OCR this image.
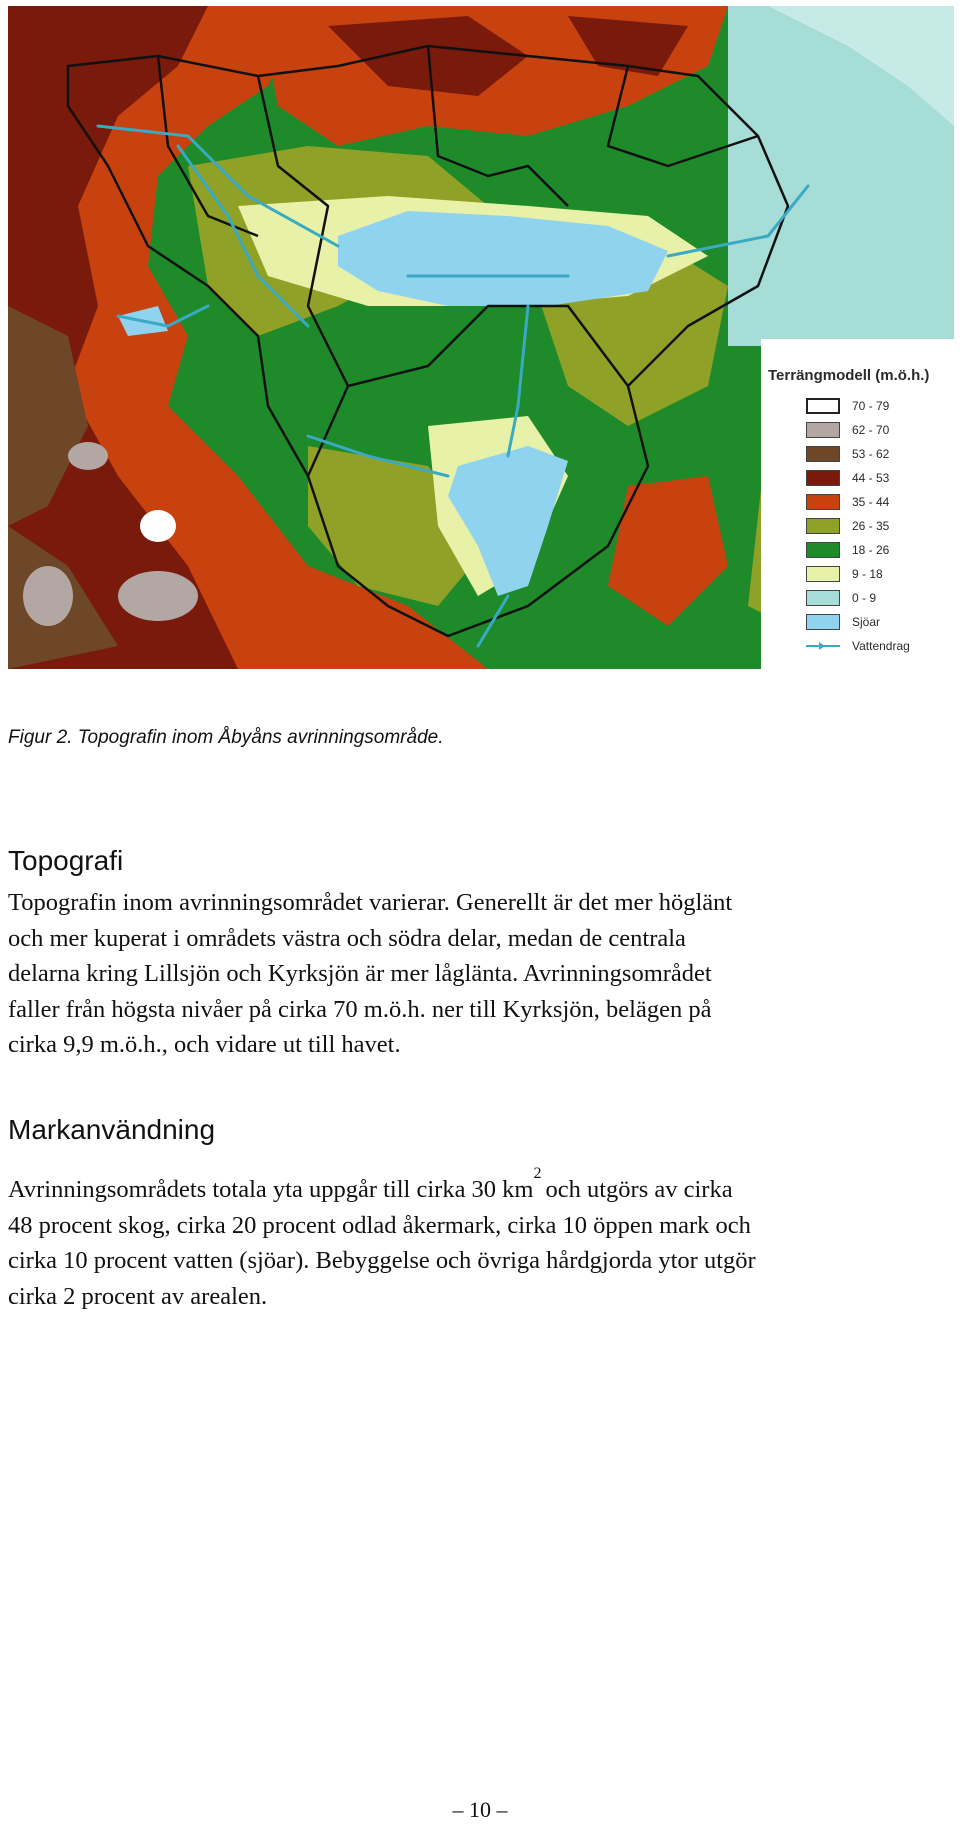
Terrängmodell (m.ö.h.)
70 - 79
62 - 70
53 - 62
44 - 53
35 - 44
26 - 35
18 - 26
9 - 18
0 - 9
Sjöar
Vattendrag
Figur 2. Topografin inom Åbyåns avrinningsområde.
Topografi
Topografin inom avrinningsområdet varierar. Generellt är det mer höglänt
och mer kuperat i områdets västra och södra delar, medan de centrala
delarna kring Lillsjön och Kyrksjön är mer låglänta. Avrinningsområdet
faller från högsta nivåer på cirka 70 m.ö.h. ner till Kyrksjön, belägen på
cirka 9,9 m.ö.h., och vidare ut till havet.
Markanvändning
Avrinningsområdets totala yta uppgår till cirka 30 $km^2och$ utgörs av cirka
48 procent skog, cirka 20 procent odlad åkermark, cirka 10 öppen mark och
cirka 10 procent vatten (sjöar). Bebyggelse och övriga hårdgjorda ytor utgör
cirka 2 procent av arealen.
– 10 –
